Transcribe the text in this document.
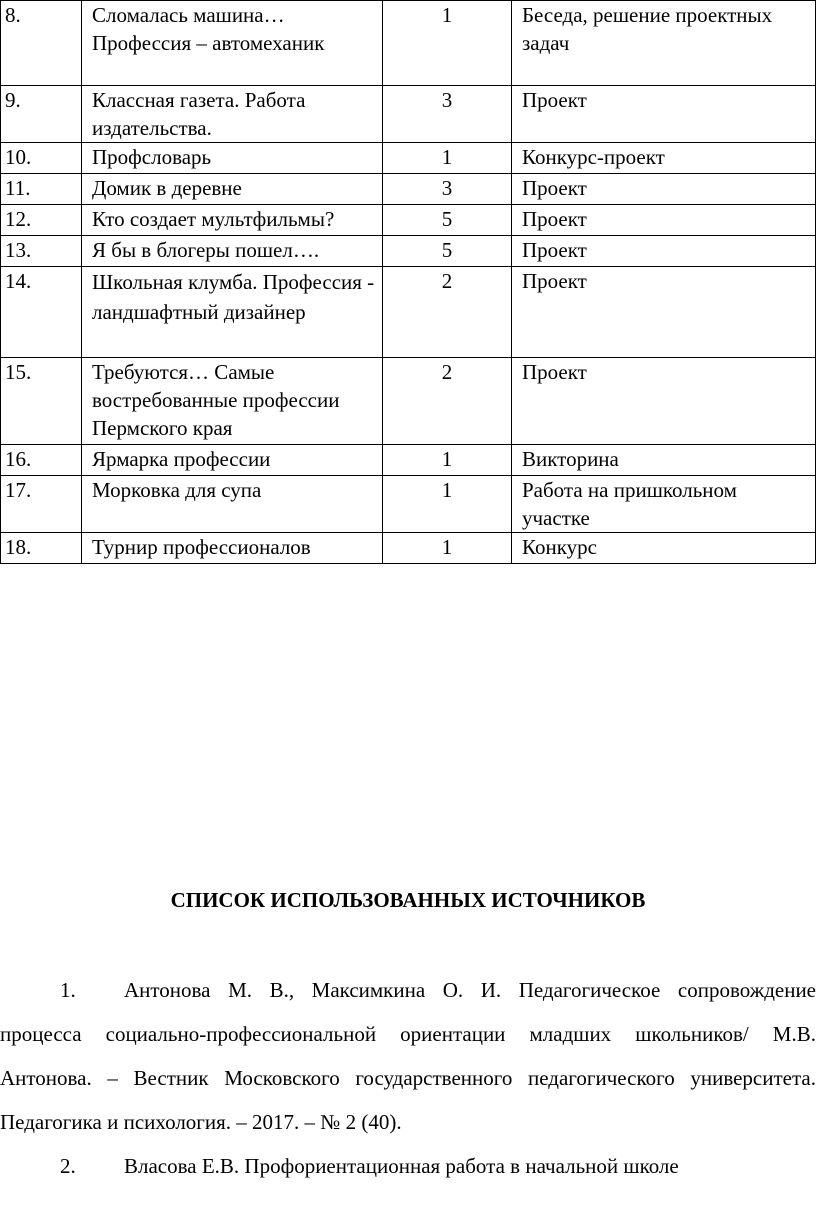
8.	Сломалась машина…Профессия – автомеханик	1	Беседа, решение проектных задач
9.	Классная газета. Работа издательства.	3	Проект
10.	Профсловарь	1	Конкурс-проект
11.	Домик в деревне	3	Проект
12.	Кто создает мультфильмы?	5	Проект
13.	Я бы в блогеры пошел….	5	Проект
14.	Школьная клумба. Профессия - ландшафтный дизайнер	2	Проект
15.	Требуются… Самые востребованные профессии Пермского края	2	Проект
16.	Ярмарка профессии	1	Викторина
17.	Морковка для супа	1	Работа на пришкольном участке
18.	Турнир профессионалов	1	Конкурс

СПИСОК ИСПОЛЬЗОВАННЫХ ИСТОЧНИКОВ

1. Антонова М. В., Максимкина О. И. Педагогическое сопровождение процесса социально-профессиональной ориентации младших школьников/ М.В. Антонова. – Вестник Московского государственного педагогического университета. Педагогика и психология. – 2017. – № 2 (40).

2. Власова Е.В. Профориентационная работа в начальной школе
